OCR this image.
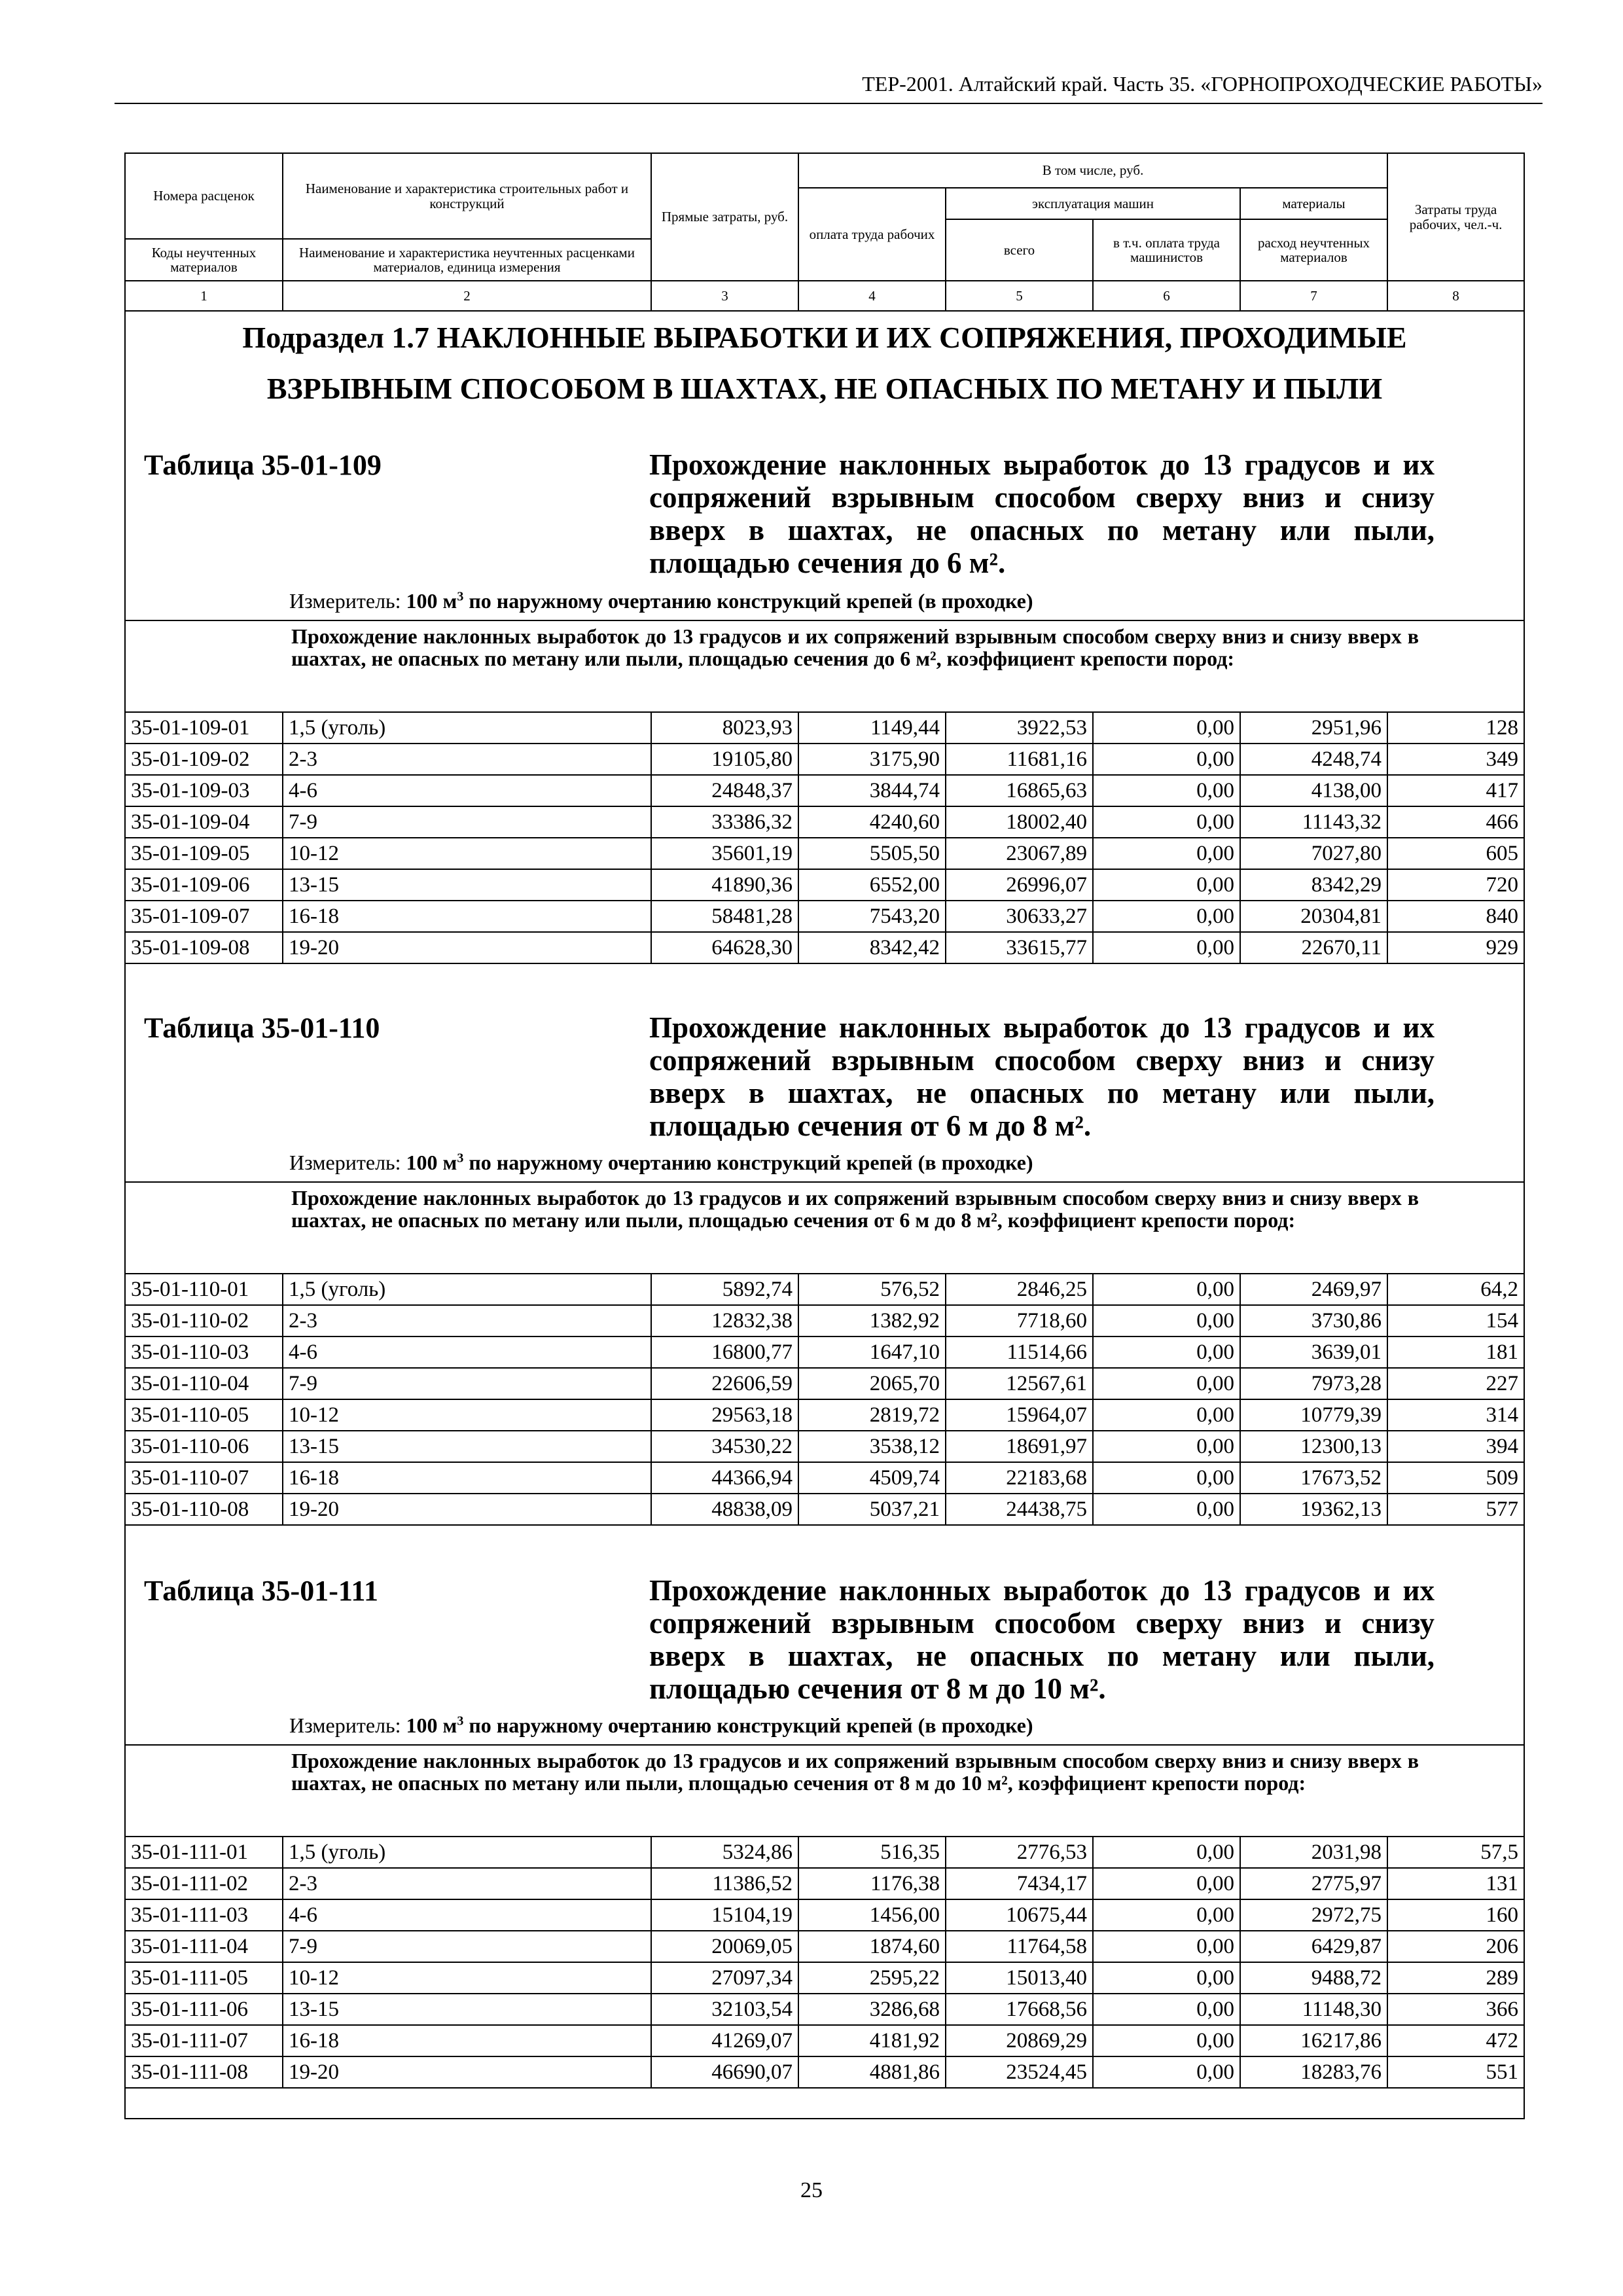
ТЕР-2001. Алтайский край. Часть 35. «ГОРНОПРОХОДЧЕСКИЕ РАБОТЫ»
Номера расценок	Наименование и характеристика строительных работ и конструкций	Прямые затраты, руб.	В том числе, руб.				Затраты труда рабочих, чел.-ч.
			оплата труда рабочих	эксплуатация машин		материалы	
				всего	в т.ч. оплата труда машинистов	расход неучтенных материалов	
Коды неучтенных материалов	Наименование и характеристика неучтенных расценками материалов, единица измерения						

1	2	3	4	5	6	7	8
Подраздел 1.7 НАКЛОННЫЕ ВЫРАБОТКИ И ИХ СОПРЯЖЕНИЯ, ПРОХОДИМЫЕ
ВЗРЫВНЫМ СПОСОБОМ В ШАХТАХ, НЕ ОПАСНЫХ ПО МЕТАНУ И ПЫЛИ
Таблица 35-01-109	Прохождение наклонных выработок до 13 градусов и их сопряжений взрывным способом сверху вниз и снизу вверх в шахтах, не опасных по метану или пыли, площадью сечения до 6 м².
Измеритель: 100 $м^3$ по наружному очертанию конструкций крепей (в проходке)
Прохождение наклонных выработок до 13 градусов и их сопряжений взрывным способом сверху вниз и снизу вверх в шахтах, не опасных по метану или пыли, площадью сечения до 6 м², коэффициент крепости пород:
35-01-109-01	1,5 (уголь)	8023,93	1149,44	3922,53	0,00	2951,96	128
35-01-109-02	2-3	19105,80	3175,90	11681,16	0,00	4248,74	349
35-01-109-03	4-6	24848,37	3844,74	16865,63	0,00	4138,00	417
35-01-109-04	7-9	33386,32	4240,60	18002,40	0,00	11143,32	466
35-01-109-05	10-12	35601,19	5505,50	23067,89	0,00	7027,80	605
35-01-109-06	13-15	41890,36	6552,00	26996,07	0,00	8342,29	720
35-01-109-07	16-18	58481,28	7543,20	30633,27	0,00	20304,81	840
35-01-109-08	19-20	64628,30	8342,42	33615,77	0,00	22670,11	929
Таблица 35-01-110	Прохождение наклонных выработок до 13 градусов и их сопряжений взрывным способом сверху вниз и снизу вверх в шахтах, не опасных по метану или пыли, площадью сечения от 6 м до 8 м².
Измеритель: 100 $м^3$ по наружному очертанию конструкций крепей (в проходке)
Прохождение наклонных выработок до 13 градусов и их сопряжений взрывным способом сверху вниз и снизу вверх в шахтах, не опасных по метану или пыли, площадью сечения от 6 м до 8 м², коэффициент крепости пород:
35-01-110-01	1,5 (уголь)	5892,74	576,52	2846,25	0,00	2469,97	64,2
35-01-110-02	2-3	12832,38	1382,92	7718,60	0,00	3730,86	154
35-01-110-03	4-6	16800,77	1647,10	11514,66	0,00	3639,01	181
35-01-110-04	7-9	22606,59	2065,70	12567,61	0,00	7973,28	227
35-01-110-05	10-12	29563,18	2819,72	15964,07	0,00	10779,39	314
35-01-110-06	13-15	34530,22	3538,12	18691,97	0,00	12300,13	394
35-01-110-07	16-18	44366,94	4509,74	22183,68	0,00	17673,52	509
35-01-110-08	19-20	48838,09	5037,21	24438,75	0,00	19362,13	577
Таблица 35-01-111	Прохождение наклонных выработок до 13 градусов и их сопряжений взрывным способом сверху вниз и снизу вверх в шахтах, не опасных по метану или пыли, площадью сечения от 8 м до 10 м².
Измеритель: 100 $м^3$ по наружному очертанию конструкций крепей (в проходке)
Прохождение наклонных выработок до 13 градусов и их сопряжений взрывным способом сверху вниз и снизу вверх в шахтах, не опасных по метану или пыли, площадью сечения от 8 м до 10 м², коэффициент крепости пород:
35-01-111-01	1,5 (уголь)	5324,86	516,35	2776,53	0,00	2031,98	57,5
35-01-111-02	2-3	11386,52	1176,38	7434,17	0,00	2775,97	131
35-01-111-03	4-6	15104,19	1456,00	10675,44	0,00	2972,75	160
35-01-111-04	7-9	20069,05	1874,60	11764,58	0,00	6429,87	206
35-01-111-05	10-12	27097,34	2595,22	15013,40	0,00	9488,72	289
35-01-111-06	13-15	32103,54	3286,68	17668,56	0,00	11148,30	366
35-01-111-07	16-18	41269,07	4181,92	20869,29	0,00	16217,86	472
35-01-111-08	19-20	46690,07	4881,86	23524,45	0,00	18283,76	551
25
